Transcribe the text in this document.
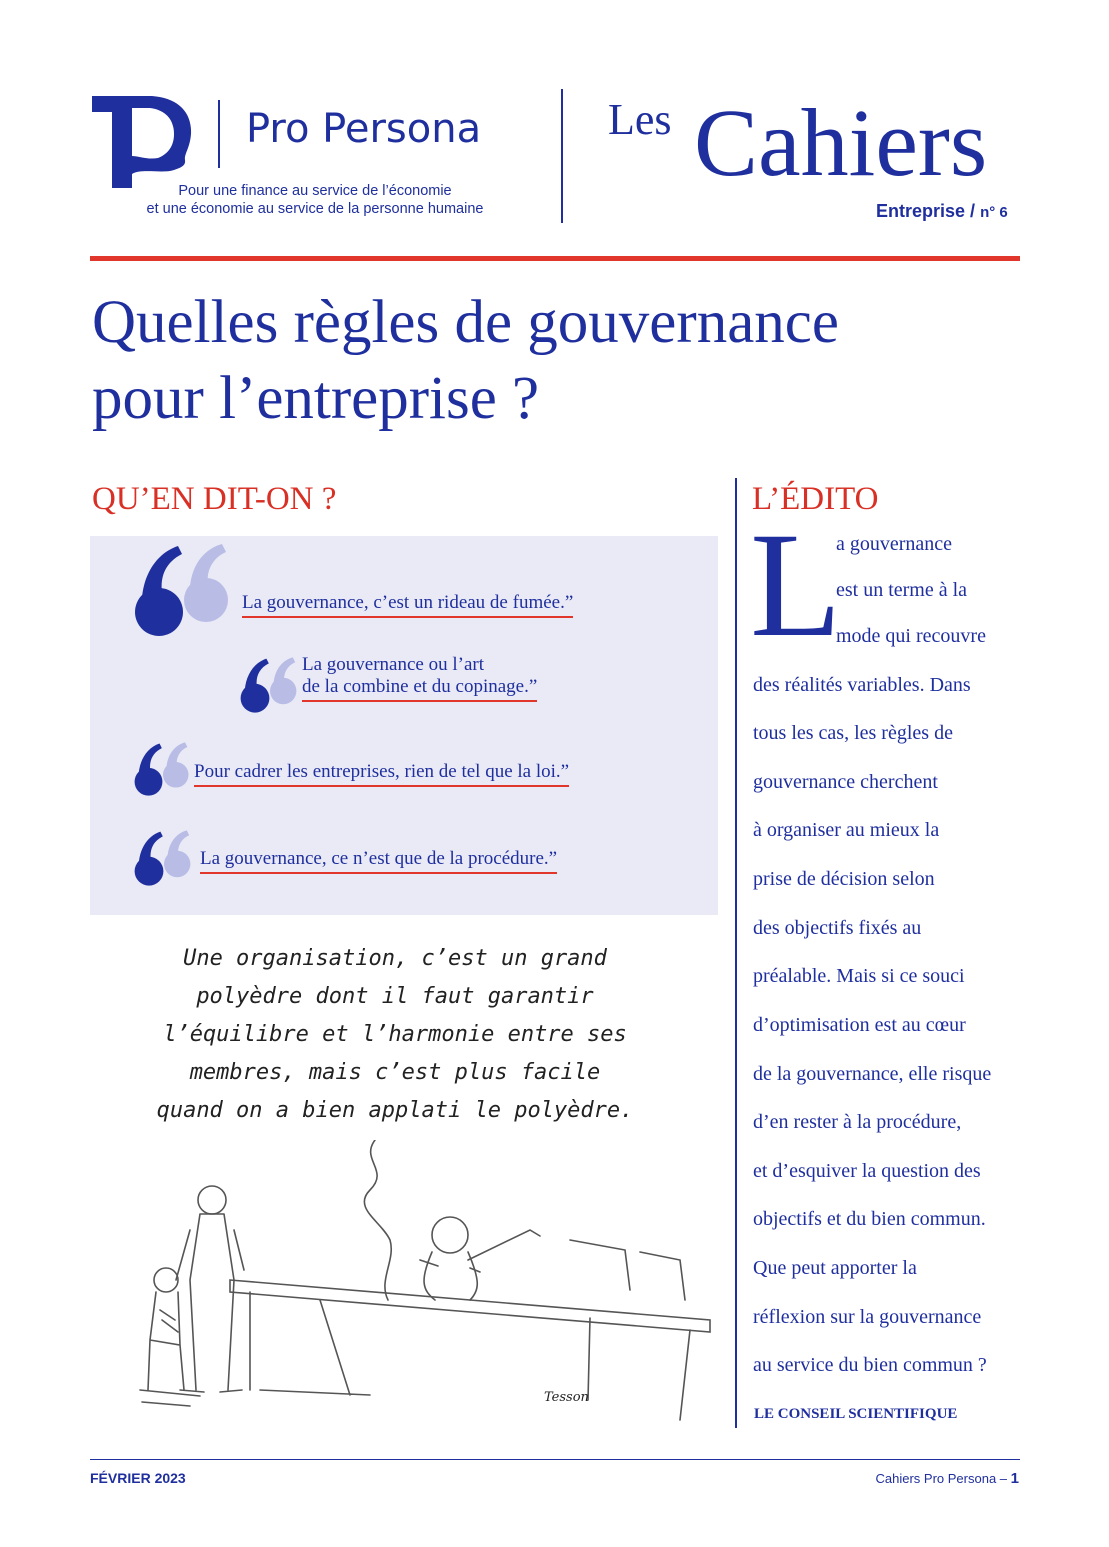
Pro Persona
Pour une finance au service de l’économie
et une économie au service de la personne humaine
Les Cahiers
Entreprise / n° 6
Quelles règles de gouvernance
pour l’entreprise ?
QU’EN DIT-ON ?
La gouvernance, c’est un rideau de fumée.”
La gouvernance ou l’art
de la combine et du copinage.”
Pour cadrer les entreprises, rien de tel que la loi.”
La gouvernance, ce n’est que de la procédure.”
Une organisation, c’est un grand
polyèdre dont il faut garantir
l’équilibre et l’harmonie entre ses
membres, mais c’est plus facile
quand on a bien applati le polyèdre.
Tesson
L’ÉDITO
L
a gouvernance
est un terme à la
mode qui recouvre
des réalités variables. Dans
tous les cas, les règles de
gouvernance cherchent
à organiser au mieux la
prise de décision selon
des objectifs fixés au
préalable. Mais si ce souci
d’optimisation est au cœur
de la gouvernance, elle risque
d’en rester à la procédure,
et d’esquiver la question des
objectifs et du bien commun.
Que peut apporter la
réflexion sur la gouvernance
au service du bien commun ?
LE CONSEIL SCIENTIFIQUE
FÉVRIER 2023	Cahiers Pro Persona – 1
